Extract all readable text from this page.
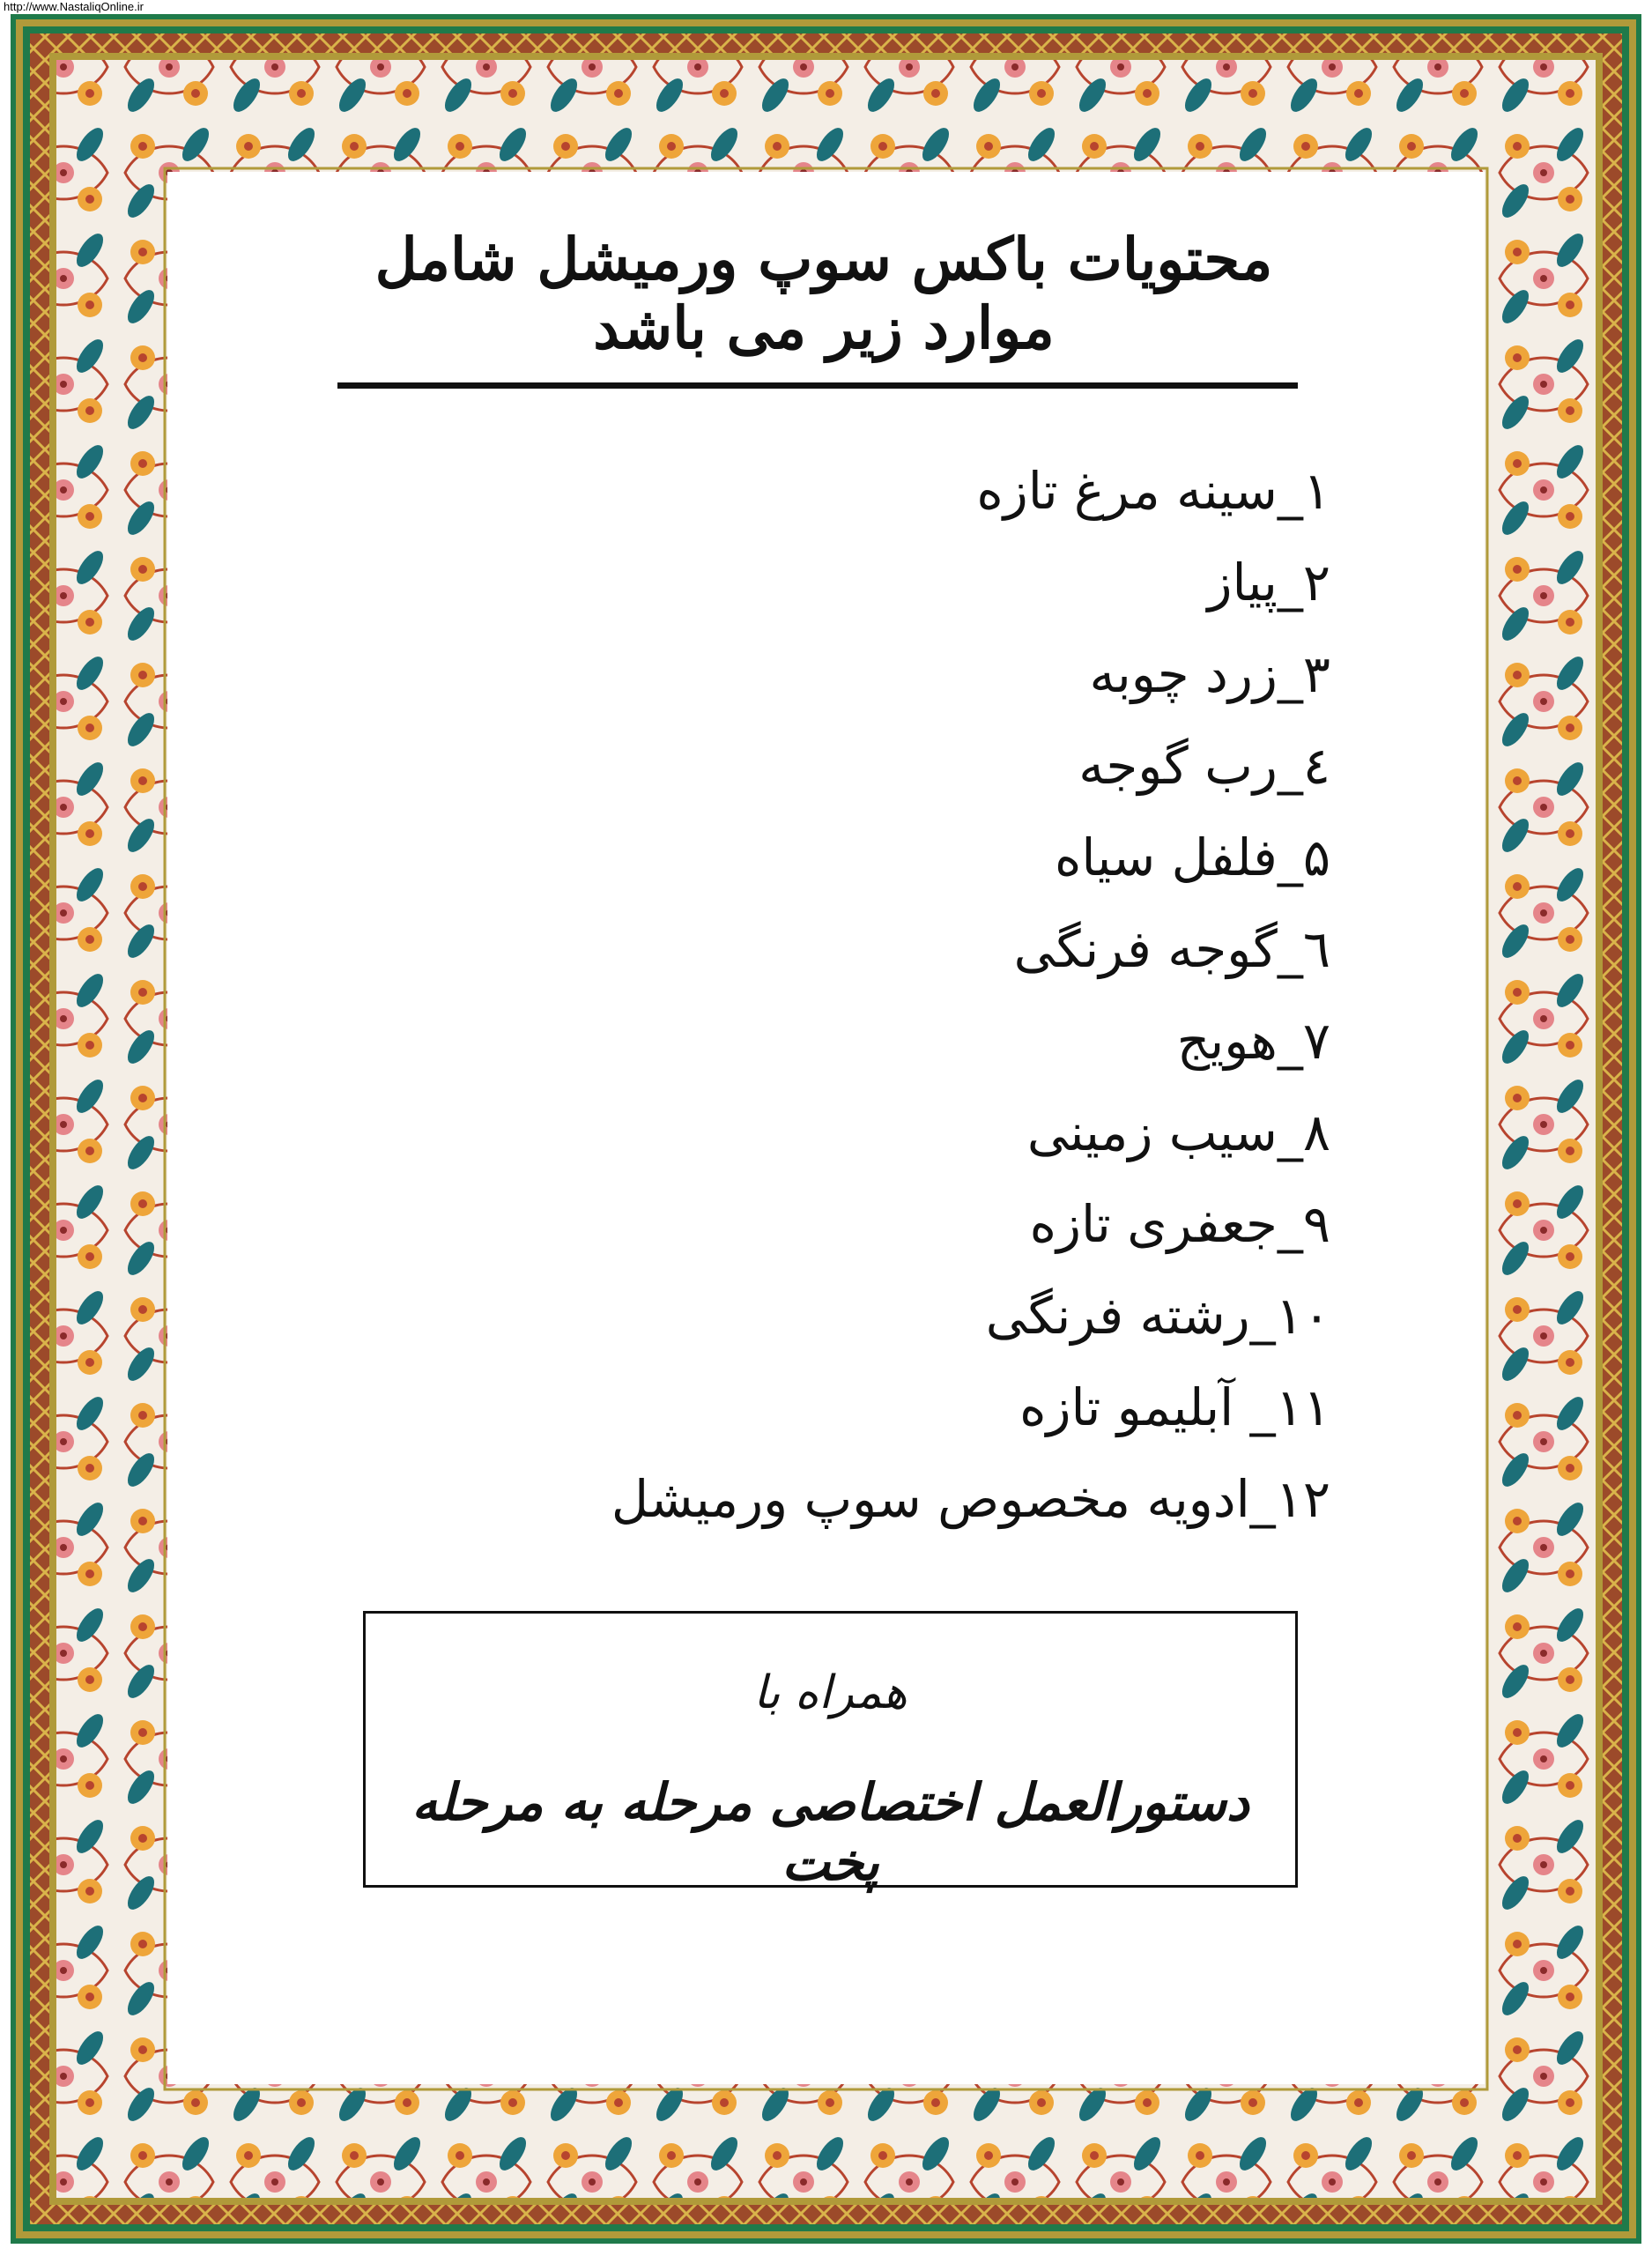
http://www.NastaliqOnline.ir
محتویات باکس سوپ ورمیشل شامل موارد زیر می باشد
۱_سینه مرغ تازه
۲_پیاز
۳_زرد چوبه
٤_رب گوجه
۵_فلفل سیاه
٦_گوجه فرنگی
۷_هویج
۸_سیب زمینی
۹_جعفری تازه
۱۰_رشته فرنگی
۱۱_ آبلیمو تازه
۱۲_ادویه مخصوص سوپ ورمیشل
همراه با
دستورالعمل اختصاصی مرحله به مرحله پخت
